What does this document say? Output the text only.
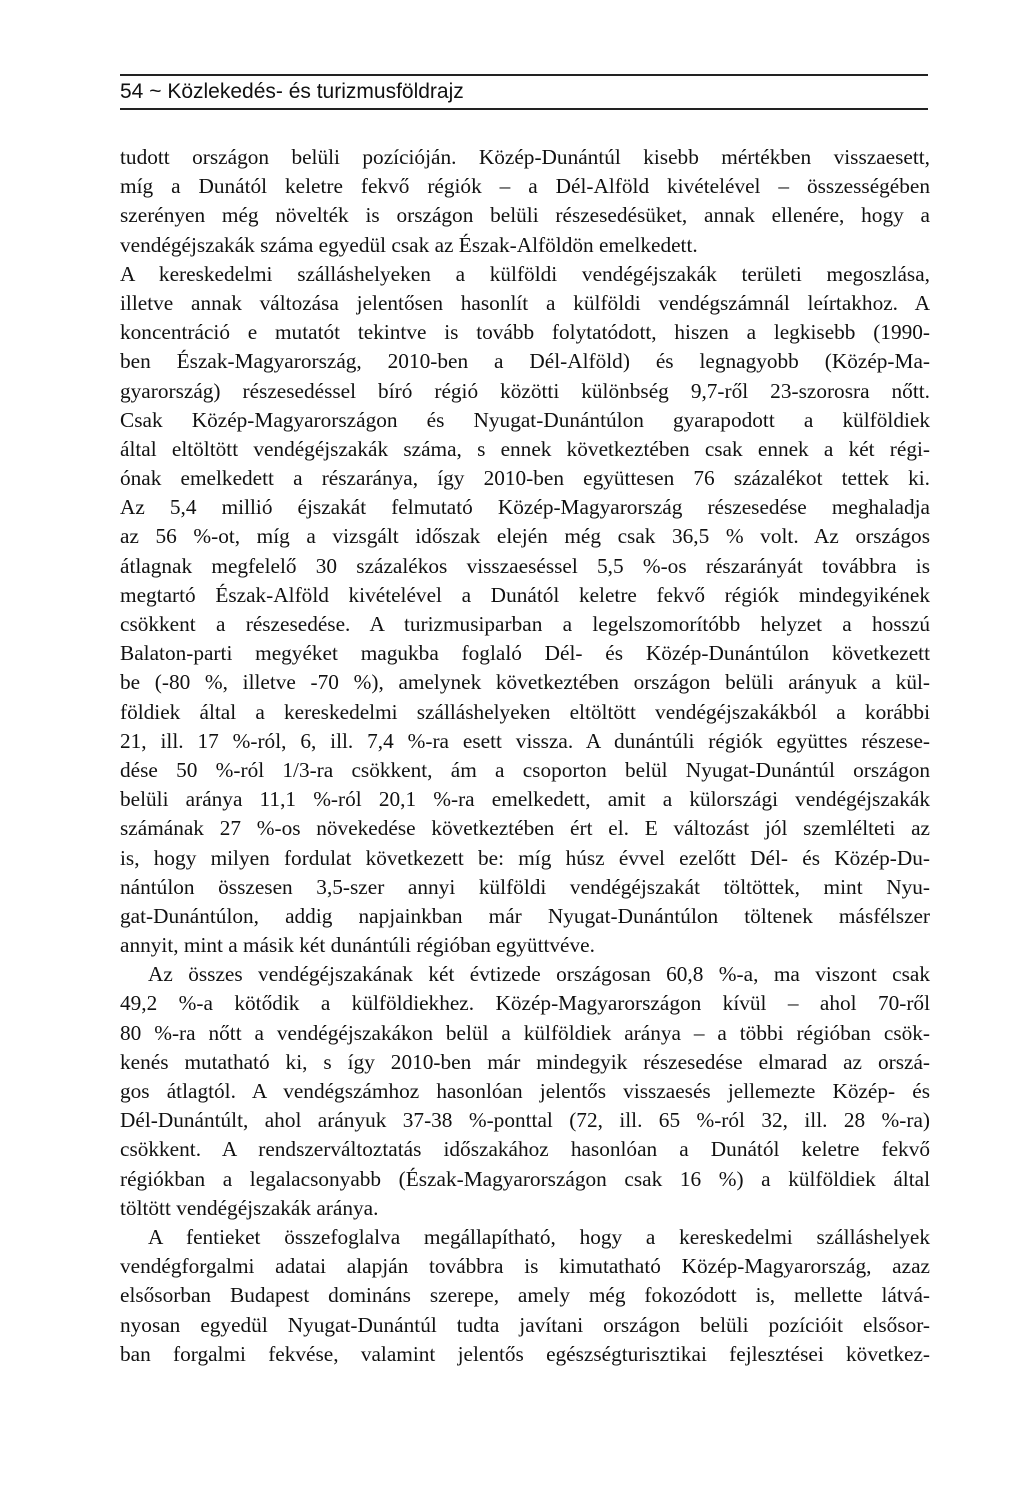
54 ~ Közlekedés- és turizmusföldrajz
tudott országon belüli pozícióján. Közép-Dunántúl kisebb mértékben visszaesett,
míg a Dunától keletre fekvő régiók – a Dél-Alföld kivételével – összességében
szerényen még növelték is országon belüli részesedésüket, annak ellenére, hogy a
vendégéjszakák száma egyedül csak az Észak-Alföldön emelkedett.
A kereskedelmi szálláshelyeken a külföldi vendégéjszakák területi megoszlása,
illetve annak változása jelentősen hasonlít a külföldi vendégszámnál leírtakhoz. A
koncentráció e mutatót tekintve is tovább folytatódott, hiszen a legkisebb (1990-
ben Észak-Magyarország, 2010-ben a Dél-Alföld) és legnagyobb (Közép-Ma-
gyarország) részesedéssel bíró régió közötti különbség 9,7-ről 23-szorosra nőtt.
Csak Közép-Magyarországon és Nyugat-Dunántúlon gyarapodott a külföldiek
által eltöltött vendégéjszakák száma, s ennek következtében csak ennek a két régi-
ónak emelkedett a részaránya, így 2010-ben együttesen 76 százalékot tettek ki.
Az 5,4 millió éjszakát felmutató Közép-Magyarország részesedése meghaladja
az 56 %-ot, míg a vizsgált időszak elején még csak 36,5 % volt. Az országos
átlagnak megfelelő 30 százalékos visszaeséssel 5,5 %-os részarányát továbbra is
megtartó Észak-Alföld kivételével a Dunától keletre fekvő régiók mindegyikének
csökkent a részesedése. A turizmusiparban a legelszomorítóbb helyzet a hosszú
Balaton-parti megyéket magukba foglaló Dél- és Közép-Dunántúlon következett
be (-80 %, illetve -70 %), amelynek következtében országon belüli arányuk a kül-
földiek által a kereskedelmi szálláshelyeken eltöltött vendégéjszakákból a korábbi
21, ill. 17 %-ról, 6, ill. 7,4 %-ra esett vissza. A dunántúli régiók együttes részese-
dése 50 %-ról 1/3-ra csökkent, ám a csoporton belül Nyugat-Dunántúl országon
belüli aránya 11,1 %-ról 20,1 %-ra emelkedett, amit a külországi vendégéjszakák
számának 27 %-os növekedése következtében ért el. E változást jól szemlélteti az
is, hogy milyen fordulat következett be: míg húsz évvel ezelőtt Dél- és Közép-Du-
nántúlon összesen 3,5-szer annyi külföldi vendégéjszakát töltöttek, mint Nyu-
gat-Dunántúlon, addig napjainkban már Nyugat-Dunántúlon töltenek másfélszer
annyit, mint a másik két dunántúli régióban együttvéve.
Az összes vendégéjszakának két évtizede országosan 60,8 %-a, ma viszont csak
49,2 %-a kötődik a külföldiekhez. Közép-Magyarországon kívül – ahol 70-ről
80 %-ra nőtt a vendégéjszakákon belül a külföldiek aránya – a többi régióban csök-
kenés mutatható ki, s így 2010-ben már mindegyik részesedése elmarad az orszá-
gos átlagtól. A vendégszámhoz hasonlóan jelentős visszaesés jellemezte Közép- és
Dél-Dunántúlt, ahol arányuk 37-38 %-ponttal (72, ill. 65 %-ról 32, ill. 28 %-ra)
csökkent. A rendszerváltoztatás időszakához hasonlóan a Dunától keletre fekvő
régiókban a legalacsonyabb (Észak-Magyarországon csak 16 %) a külföldiek által
töltött vendégéjszakák aránya.
A fentieket összefoglalva megállapítható, hogy a kereskedelmi szálláshelyek
vendégforgalmi adatai alapján továbbra is kimutatható Közép-Magyarország, azaz
elsősorban Budapest domináns szerepe, amely még fokozódott is, mellette látvá-
nyosan egyedül Nyugat-Dunántúl tudta javítani országon belüli pozícióit elsősor-
ban forgalmi fekvése, valamint jelentős egészségturisztikai fejlesztései következ-
